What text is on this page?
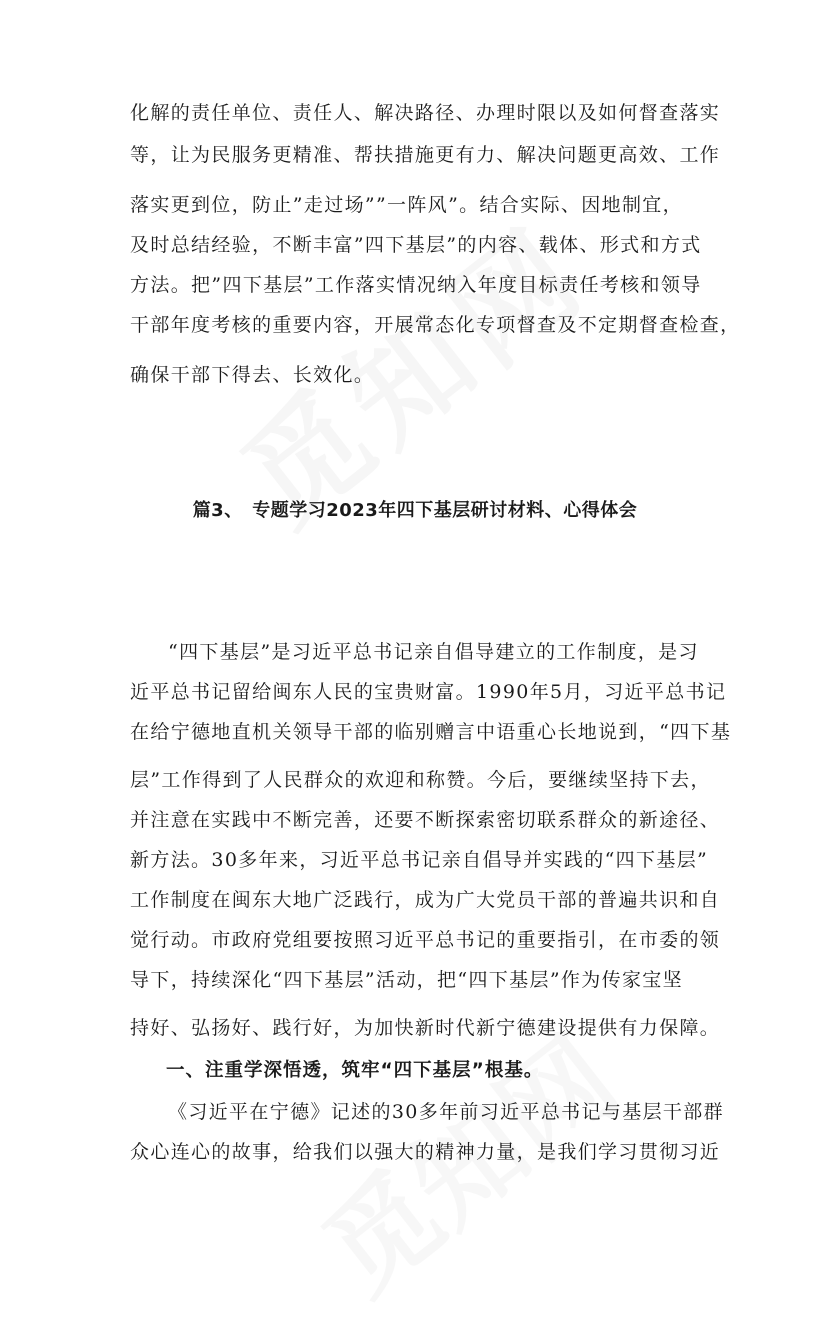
化解的责任单位、责任人、解决路径、办理时限以及如何督查落实
等，让为民服务更精准、帮扶措施更有力、解决问题更高效、工作
落实更到位，防止”走过场””一阵风”。结合实际、因地制宜，
及时总结经验，不断丰富”四下基层”的内容、载体、形式和方式
方法。把”四下基层”工作落实情况纳入年度目标责任考核和领导
干部年度考核的重要内容，开展常态化专项督查及不定期督查检查，
确保干部下得去、长效化。
篇3、　专题学习2023年四下基层研讨材料、心得体会
“四下基层”是习近平总书记亲自倡导建立的工作制度，是习
近平总书记留给闽东人民的宝贵财富。1990年5月，习近平总书记
在给宁德地直机关领导干部的临别赠言中语重心长地说到，“四下基
层”工作得到了人民群众的欢迎和称赞。今后，要继续坚持下去，
并注意在实践中不断完善，还要不断探索密切联系群众的新途径、
新方法。30多年来，习近平总书记亲自倡导并实践的“四下基层”
工作制度在闽东大地广泛践行，成为广大党员干部的普遍共识和自
觉行动。市政府党组要按照习近平总书记的重要指引，在市委的领
导下，持续深化“四下基层”活动，把“四下基层”作为传家宝坚
持好、弘扬好、践行好，为加快新时代新宁德建设提供有力保障。
一、注重学深悟透，筑牢“四下基层”根基。
《习近平在宁德》记述的30多年前习近平总书记与基层干部群
众心连心的故事，给我们以强大的精神力量，是我们学习贯彻习近
